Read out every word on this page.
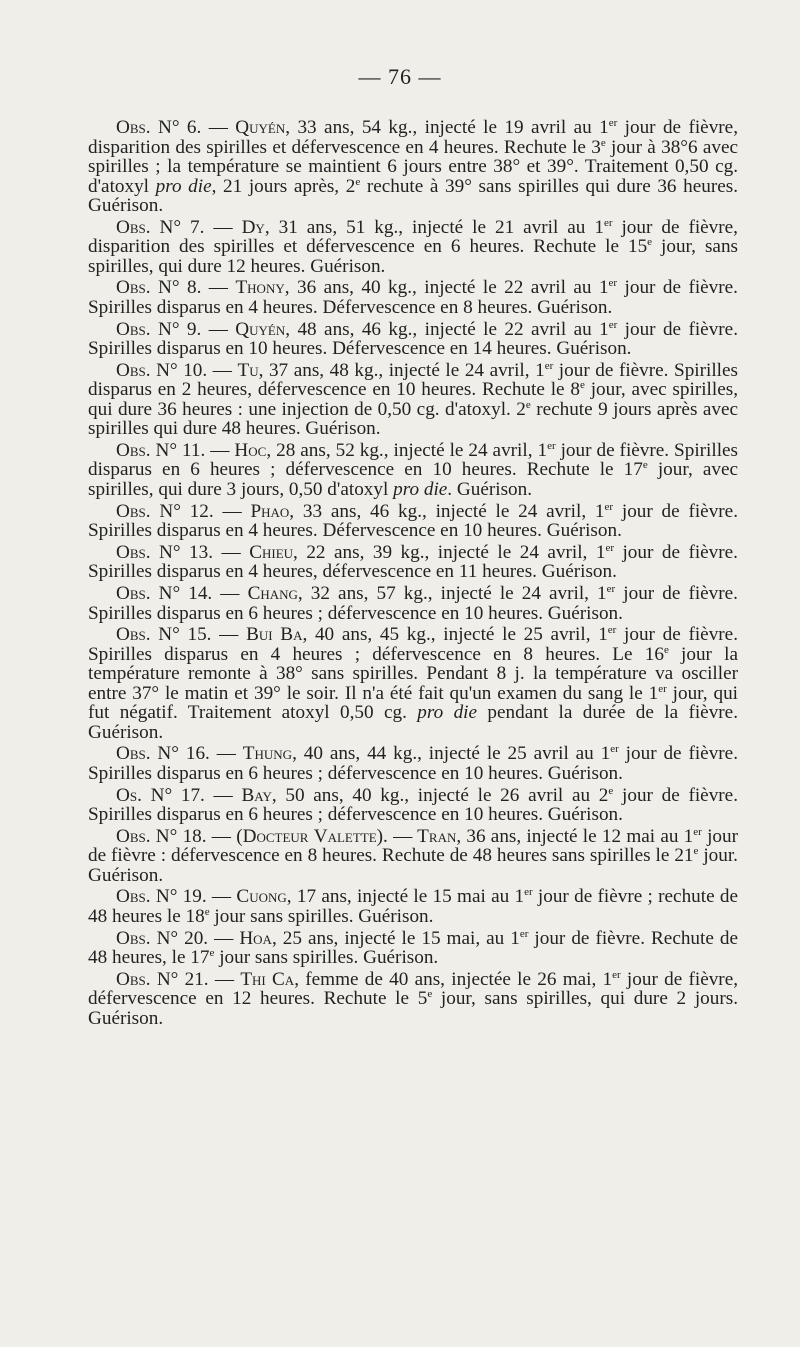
— 76 —

Obs. N° 6. — Quyén, 33 ans, 54 kg., injecté le 19 avril au 1er jour de fièvre, disparition des spirilles et défervescence en 4 heures. Rechute le 3e jour à 38°6 avec spirilles ; la température se maintient 6 jours entre 38° et 39°. Traitement 0,50 cg. d'atoxyl pro die, 21 jours après, 2e rechute à 39° sans spirilles qui dure 36 heures. Guérison.

Obs. N° 7. — Dy, 31 ans, 51 kg., injecté le 21 avril au 1er jour de fièvre, disparition des spirilles et défervescence en 6 heures. Rechute le 15e jour, sans spirilles, qui dure 12 heures. Guérison.

Obs. N° 8. — Thony, 36 ans, 40 kg., injecté le 22 avril au 1er jour de fièvre. Spirilles disparus en 4 heures. Défervescence en 8 heures. Guérison.

Obs. N° 9. — Quyén, 48 ans, 46 kg., injecté le 22 avril au 1er jour de fièvre. Spirilles disparus en 10 heures. Défervescence en 14 heures. Guérison.

Obs. N° 10. — Tu, 37 ans, 48 kg., injecté le 24 avril, 1er jour de fièvre. Spirilles disparus en 2 heures, défervescence en 10 heures. Rechute le 8e jour, avec spirilles, qui dure 36 heures : une injection de 0,50 cg. d'atoxyl. 2e rechute 9 jours après avec spirilles qui dure 48 heures. Guérison.

Obs. N° 11. — Hoc, 28 ans, 52 kg., injecté le 24 avril, 1er jour de fièvre. Spirilles disparus en 6 heures ; défervescence en 10 heures. Rechute le 17e jour, avec spirilles, qui dure 3 jours, 0,50 d'atoxyl pro die. Guérison.

Obs. N° 12. — Phao, 33 ans, 46 kg., injecté le 24 avril, 1er jour de fièvre. Spirilles disparus en 4 heures. Défervescence en 10 heures. Guérison.

Obs. N° 13. — Chieu, 22 ans, 39 kg., injecté le 24 avril, 1er jour de fièvre. Spirilles disparus en 4 heures, défervescence en 11 heures. Guérison.

Obs. N° 14. — Chang, 32 ans, 57 kg., injecté le 24 avril, 1er jour de fièvre. Spirilles disparus en 6 heures ; défervescence en 10 heures. Guérison.

Obs. N° 15. — Bui Ba, 40 ans, 45 kg., injecté le 25 avril, 1er jour de fièvre. Spirilles disparus en 4 heures ; défervescence en 8 heures. Le 16e jour la température remonte à 38° sans spirilles. Pendant 8 j. la température va osciller entre 37° le matin et 39° le soir. Il n'a été fait qu'un examen du sang le 1er jour, qui fut négatif. Traitement atoxyl 0,50 cg. pro die pendant la durée de la fièvre. Guérison.

Obs. N° 16. — Thung, 40 ans, 44 kg., injecté le 25 avril au 1er jour de fièvre. Spirilles disparus en 6 heures ; défervescence en 10 heures. Guérison.

Os. N° 17. — Bay, 50 ans, 40 kg., injecté le 26 avril au 2e jour de fièvre. Spirilles disparus en 6 heures ; défervescence en 10 heures. Guérison.

Obs. N° 18. — (Docteur Valette). — Tran, 36 ans, injecté le 12 mai au 1er jour de fièvre : défervescence en 8 heures. Rechute de 48 heures sans spirilles le 21e jour. Guérison.

Obs. N° 19. — Cuong, 17 ans, injecté le 15 mai au 1er jour de fièvre ; rechute de 48 heures le 18e jour sans spirilles. Guérison.

Obs. N° 20. — Hoa, 25 ans, injecté le 15 mai, au 1er jour de fièvre. Rechute de 48 heures, le 17e jour sans spirilles. Guérison.

Obs. N° 21. — Thi Ca, femme de 40 ans, injectée le 26 mai, 1er jour de fièvre, défervescence en 12 heures. Rechute le 5e jour, sans spirilles, qui dure 2 jours. Guérison.
